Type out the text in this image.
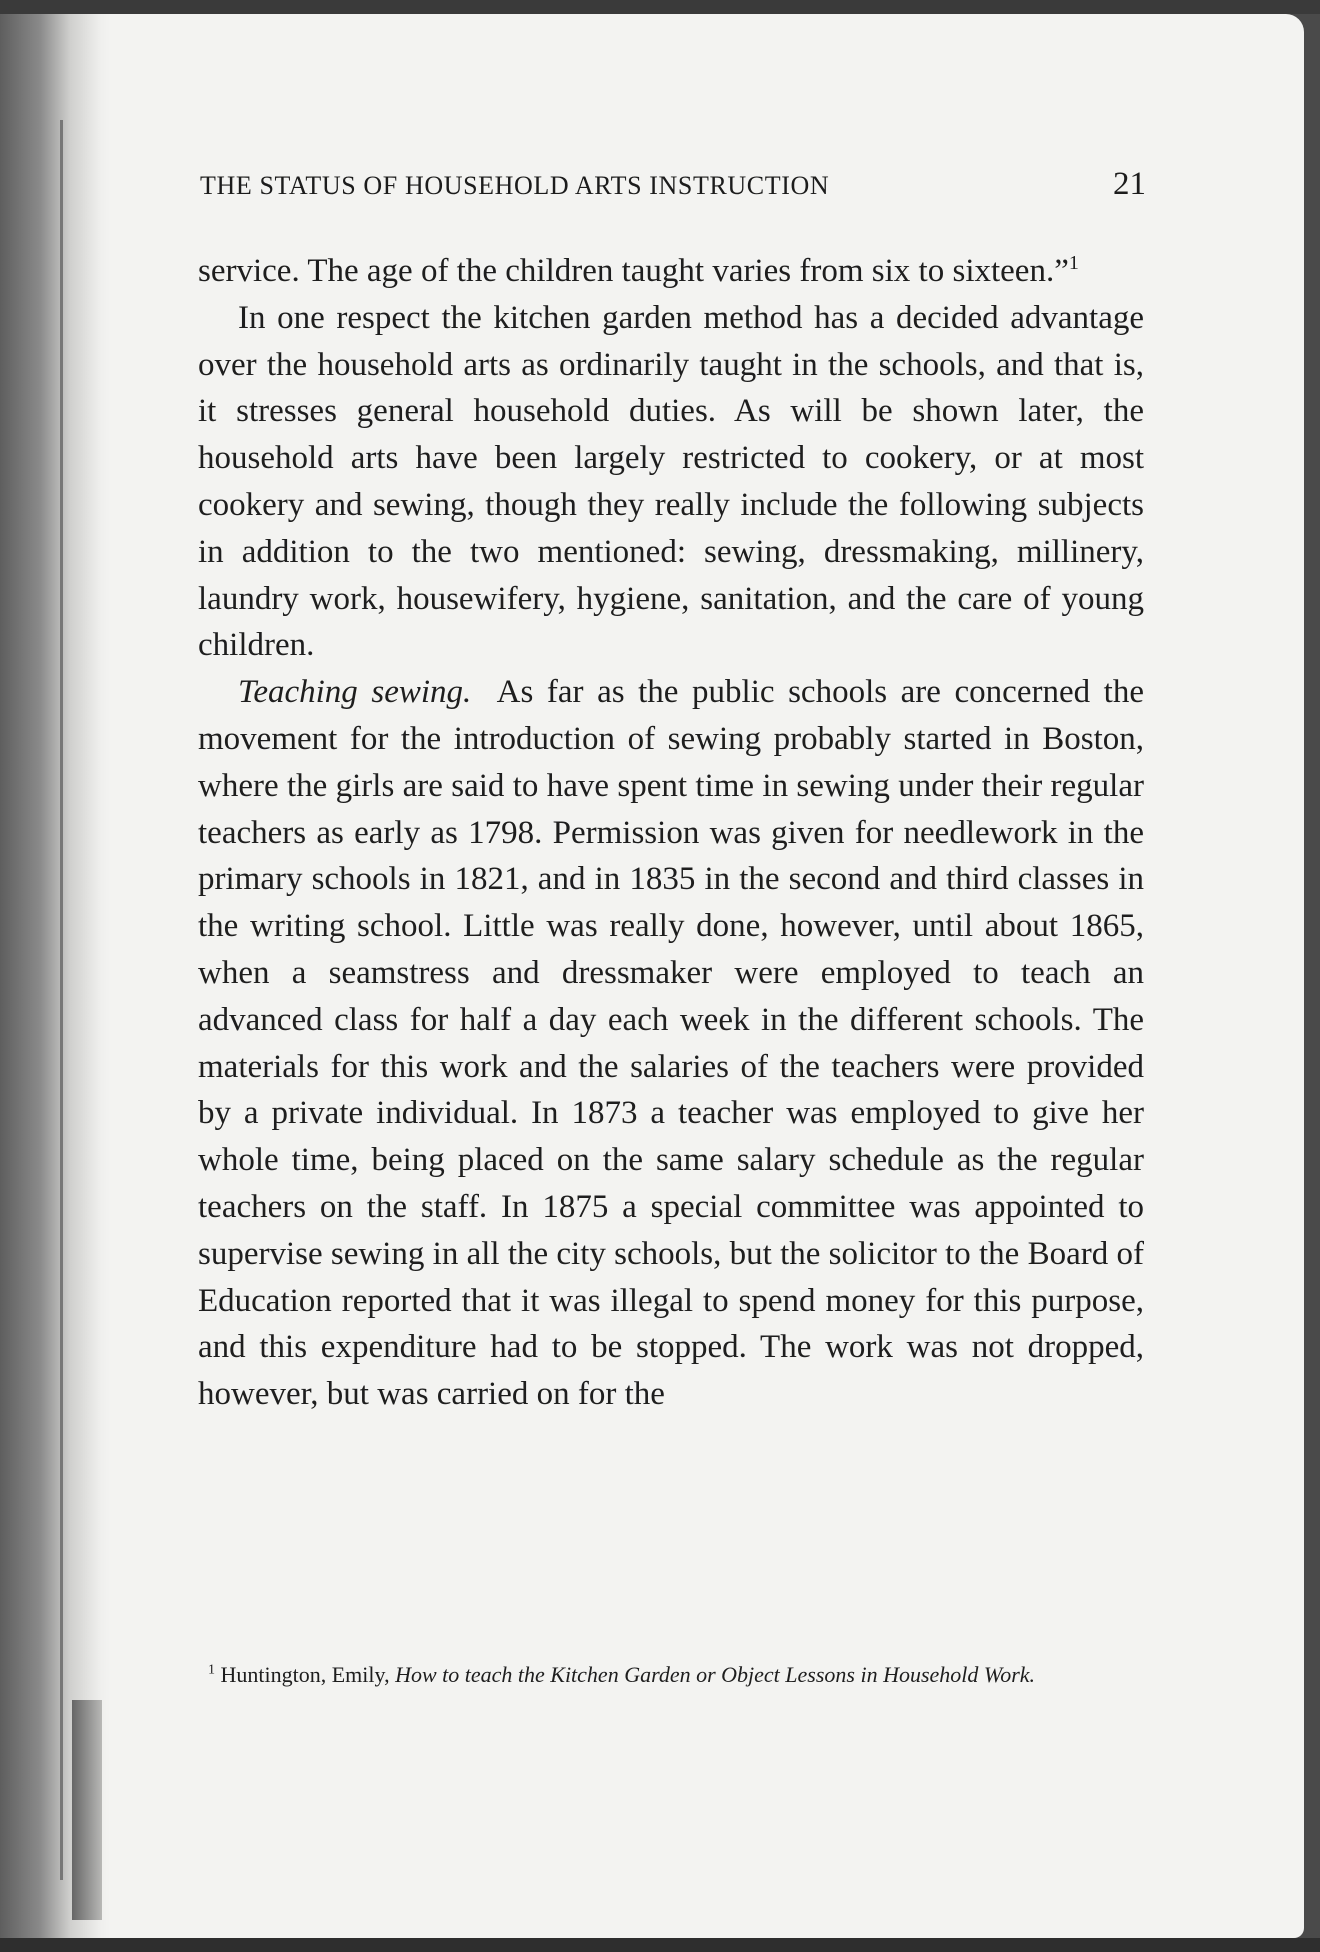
THE STATUS OF HOUSEHOLD ARTS INSTRUCTION	21

service. The age of the children taught varies from six to sixteen.”$^1$

In one respect the kitchen garden method has a decided advantage over the household arts as ordinarily taught in the schools, and that is, it stresses general household duties. As will be shown later, the household arts have been largely restricted to cookery, or at most cookery and sewing, though they really include the following subjects in addition to the two mentioned: sewing, dressmaking, millinery, laundry work, housewifery, hygiene, sanitation, and the care of young children.

Teaching sewing. As far as the public schools are concerned the movement for the introduction of sewing probably started in Boston, where the girls are said to have spent time in sewing under their regular teachers as early as 1798. Permission was given for needlework in the primary schools in 1821, and in 1835 in the second and third classes in the writing school. Little was really done, however, until about 1865, when a seamstress and dressmaker were employed to teach an advanced class for half a day each week in the different schools. The materials for this work and the salaries of the teachers were provided by a private individual. In 1873 a teacher was employed to give her whole time, being placed on the same salary schedule as the regular teachers on the staff. In 1875 a special committee was appointed to supervise sewing in all the city schools, but the solicitor to the Board of Education reported that it was illegal to spend money for this purpose, and this expenditure had to be stopped. The work was not dropped, however, but was carried on for the

$^1$ Huntington, Emily, How to teach the Kitchen Garden or Object Lessons in Household Work.
